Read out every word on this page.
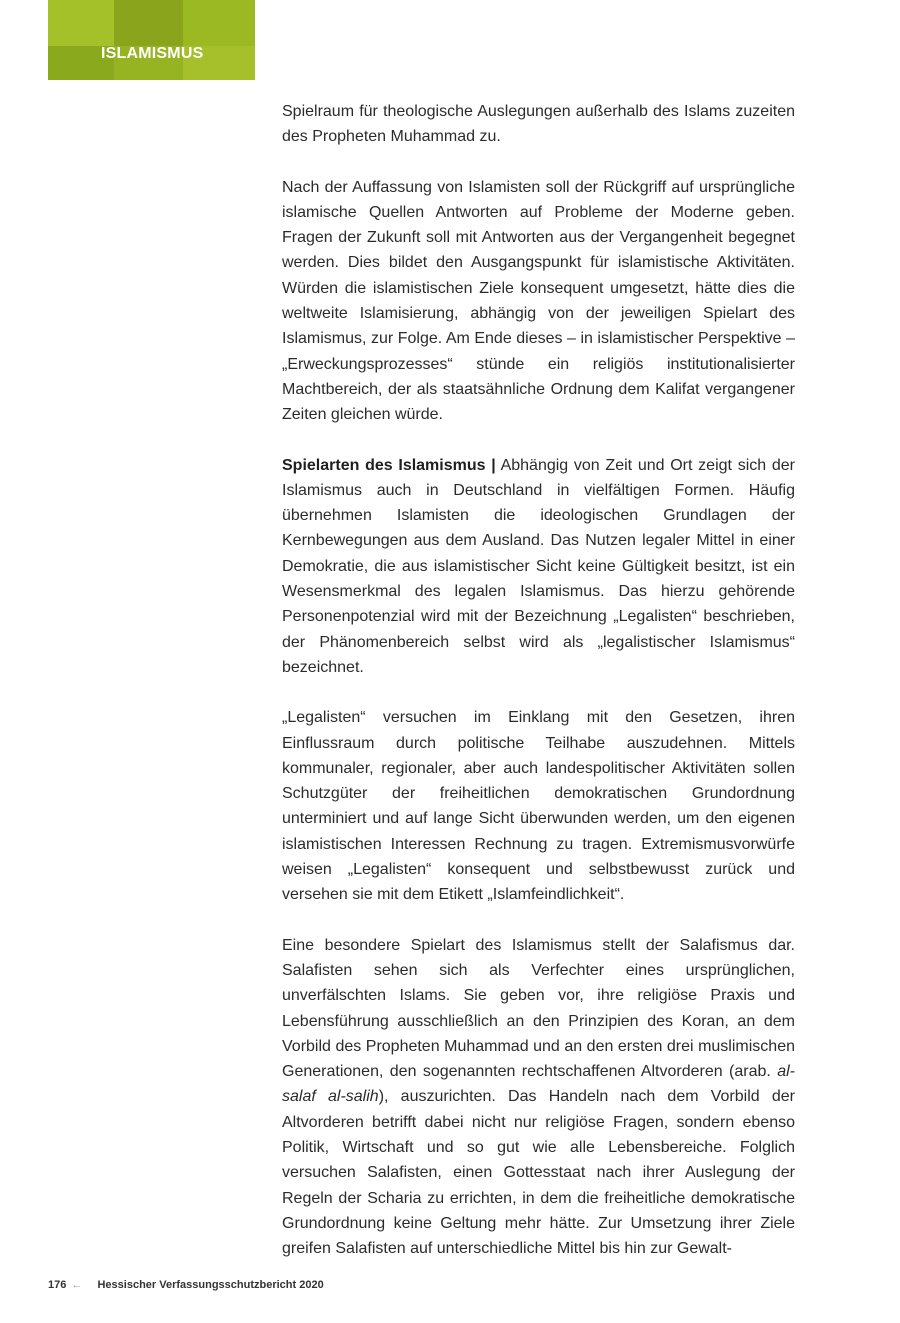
ISLAMISMUS

Spielraum für theologische Auslegungen außerhalb des Islams zuzeiten des Propheten Muhammad zu.

Nach der Auffassung von Islamisten soll der Rückgriff auf ursprüngliche islamische Quellen Antworten auf Probleme der Moderne geben. Fragen der Zukunft soll mit Antworten aus der Vergangenheit begegnet werden. Dies bildet den Ausgangspunkt für islamistische Aktivitäten. Würden die islamistischen Ziele konsequent umgesetzt, hätte dies die weltweite Islamisierung, abhängig von der jeweiligen Spielart des Islamismus, zur Folge. Am Ende dieses – in islamistischer Perspektive – „Erweckungsprozesses“ stünde ein religiös institutionalisierter Machtbereich, der als staatsähnliche Ordnung dem Kalifat vergangener Zeiten gleichen würde.

Spielarten des Islamismus | Abhängig von Zeit und Ort zeigt sich der Islamismus auch in Deutschland in vielfältigen Formen. Häufig übernehmen Islamisten die ideologischen Grundlagen der Kernbewegungen aus dem Ausland. Das Nutzen legaler Mittel in einer Demokratie, die aus islamistischer Sicht keine Gültigkeit besitzt, ist ein Wesensmerkmal des legalen Islamismus. Das hierzu gehörende Personenpotenzial wird mit der Bezeichnung „Legalisten“ beschrieben, der Phänomenbereich selbst wird als „legalistischer Islamismus“ bezeichnet.

„Legalisten“ versuchen im Einklang mit den Gesetzen, ihren Einflussraum durch politische Teilhabe auszudehnen. Mittels kommunaler, regionaler, aber auch landespolitischer Aktivitäten sollen Schutzgüter der freiheitlichen demokratischen Grundordnung unterminiert und auf lange Sicht überwunden werden, um den eigenen islamistischen Interessen Rechnung zu tragen. Extremismusvorwürfe weisen „Legalisten“ konsequent und selbstbewusst zurück und versehen sie mit dem Etikett „Islamfeindlichkeit“.

Eine besondere Spielart des Islamismus stellt der Salafismus dar. Salafisten sehen sich als Verfechter eines ursprünglichen, unverfälschten Islams. Sie geben vor, ihre religiöse Praxis und Lebensführung ausschließlich an den Prinzipien des Koran, an dem Vorbild des Propheten Muhammad und an den ersten drei muslimischen Generationen, den sogenannten rechtschaffenen Altvorderen (arab. al-salaf al-salih), auszurichten. Das Handeln nach dem Vorbild der Altvorderen betrifft dabei nicht nur religiöse Fragen, sondern ebenso Politik, Wirtschaft und so gut wie alle Lebensbereiche. Folglich versuchen Salafisten, einen Gottesstaat nach ihrer Auslegung der Regeln der Scharia zu errichten, in dem die freiheitliche demokratische Grundordnung keine Geltung mehr hätte. Zur Umsetzung ihrer Ziele greifen Salafisten auf unterschiedliche Mittel bis hin zur Gewalt-

176 ← Hessischer Verfassungsschutzbericht 2020
